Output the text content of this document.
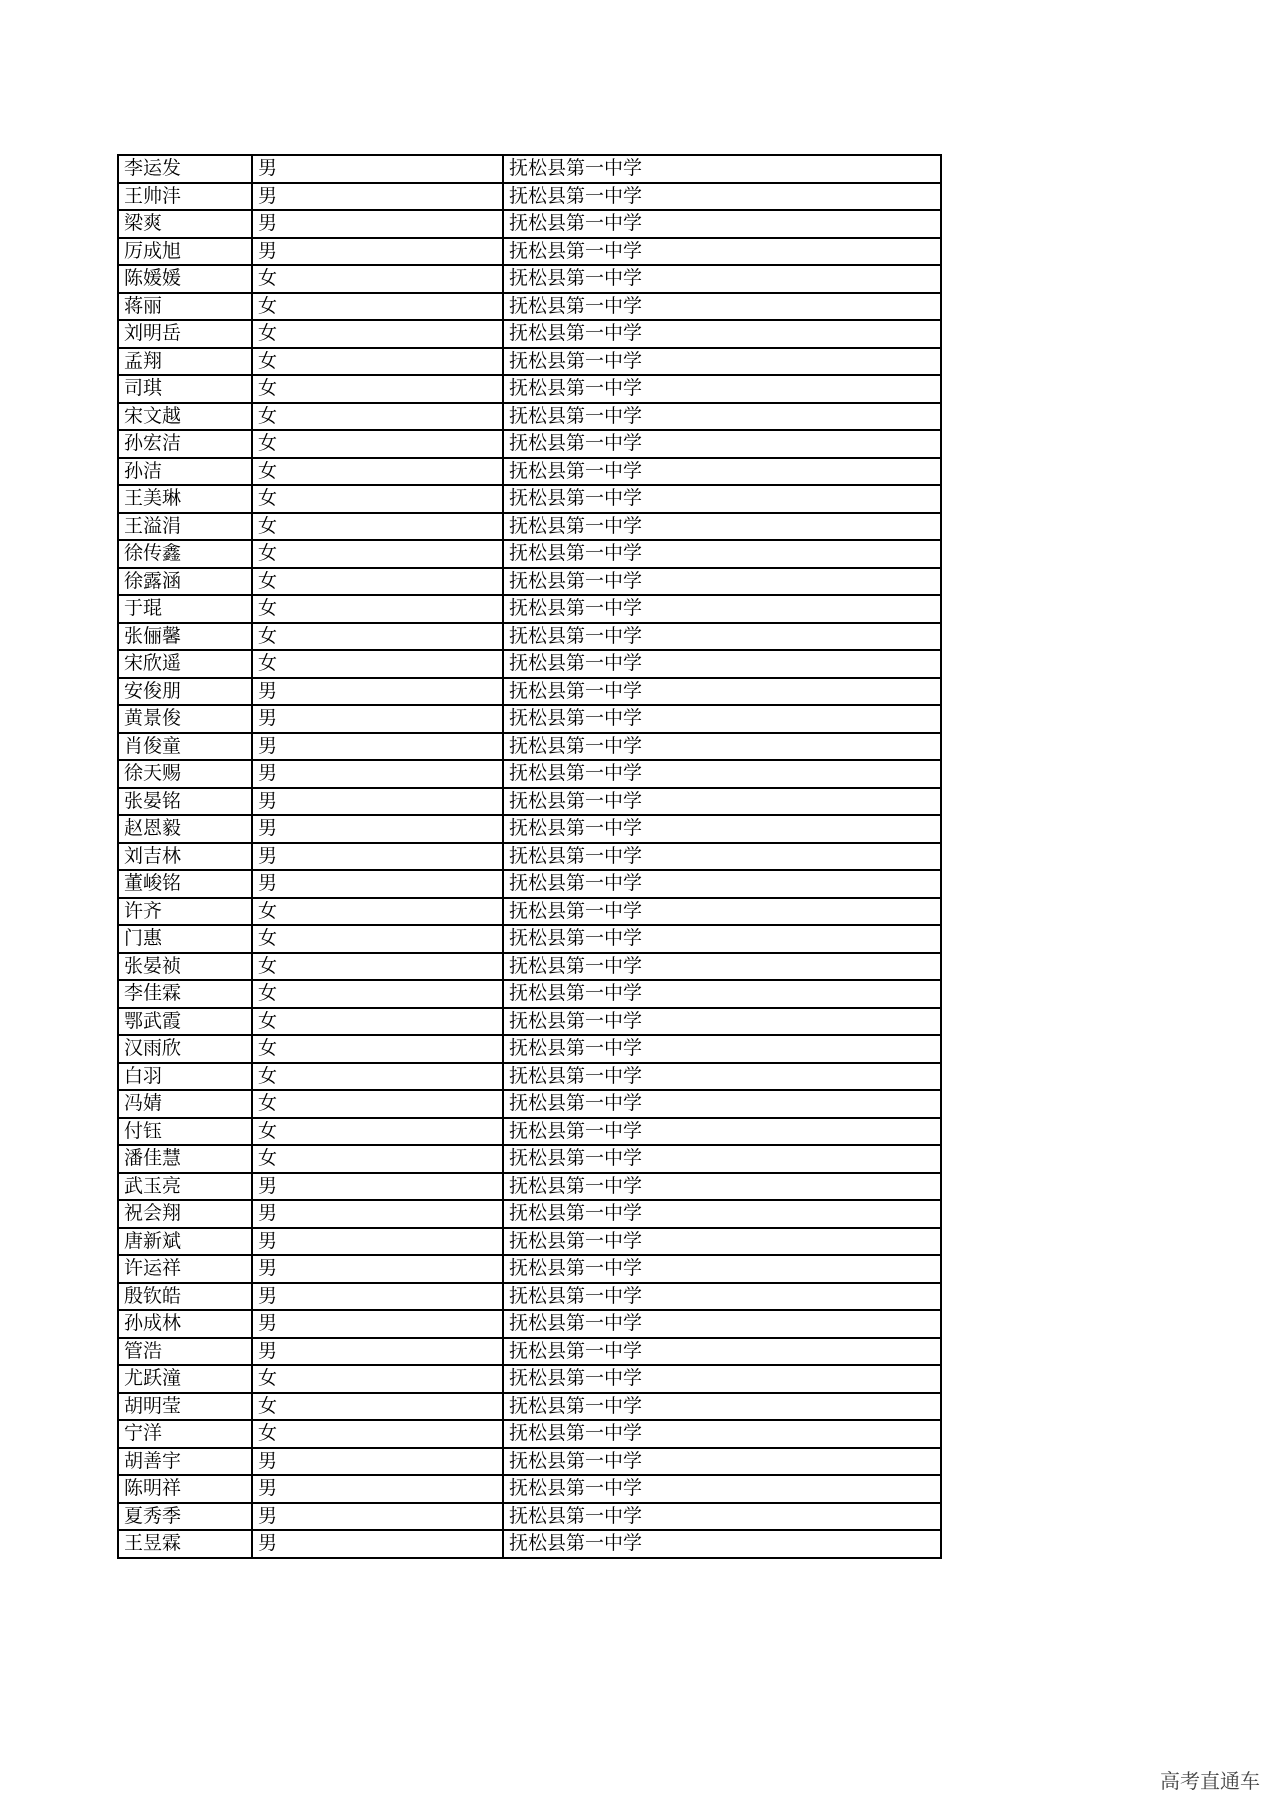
李运发	男	抚松县第一中学
王帅沣	男	抚松县第一中学
梁爽	男	抚松县第一中学
厉成旭	男	抚松县第一中学
陈媛媛	女	抚松县第一中学
蒋丽	女	抚松县第一中学
刘明岳	女	抚松县第一中学
孟翔	女	抚松县第一中学
司琪	女	抚松县第一中学
宋文越	女	抚松县第一中学
孙宏洁	女	抚松县第一中学
孙洁	女	抚松县第一中学
王美琳	女	抚松县第一中学
王溢涓	女	抚松县第一中学
徐传鑫	女	抚松县第一中学
徐露涵	女	抚松县第一中学
于琨	女	抚松县第一中学
张俪馨	女	抚松县第一中学
宋欣遥	女	抚松县第一中学
安俊朋	男	抚松县第一中学
黄景俊	男	抚松县第一中学
肖俊童	男	抚松县第一中学
徐天赐	男	抚松县第一中学
张晏铭	男	抚松县第一中学
赵恩毅	男	抚松县第一中学
刘吉林	男	抚松县第一中学
董峻铭	男	抚松县第一中学
许齐	女	抚松县第一中学
门惠	女	抚松县第一中学
张晏祯	女	抚松县第一中学
李佳霖	女	抚松县第一中学
鄂武霞	女	抚松县第一中学
汉雨欣	女	抚松县第一中学
白羽	女	抚松县第一中学
冯婧	女	抚松县第一中学
付钰	女	抚松县第一中学
潘佳慧	女	抚松县第一中学
武玉亮	男	抚松县第一中学
祝会翔	男	抚松县第一中学
唐新斌	男	抚松县第一中学
许运祥	男	抚松县第一中学
殷钦皓	男	抚松县第一中学
孙成林	男	抚松县第一中学
管浩	男	抚松县第一中学
尤跃潼	女	抚松县第一中学
胡明莹	女	抚松县第一中学
宁洋	女	抚松县第一中学
胡善宇	男	抚松县第一中学
陈明祥	男	抚松县第一中学
夏秀季	男	抚松县第一中学
王昱霖	男	抚松县第一中学
高考直通车
